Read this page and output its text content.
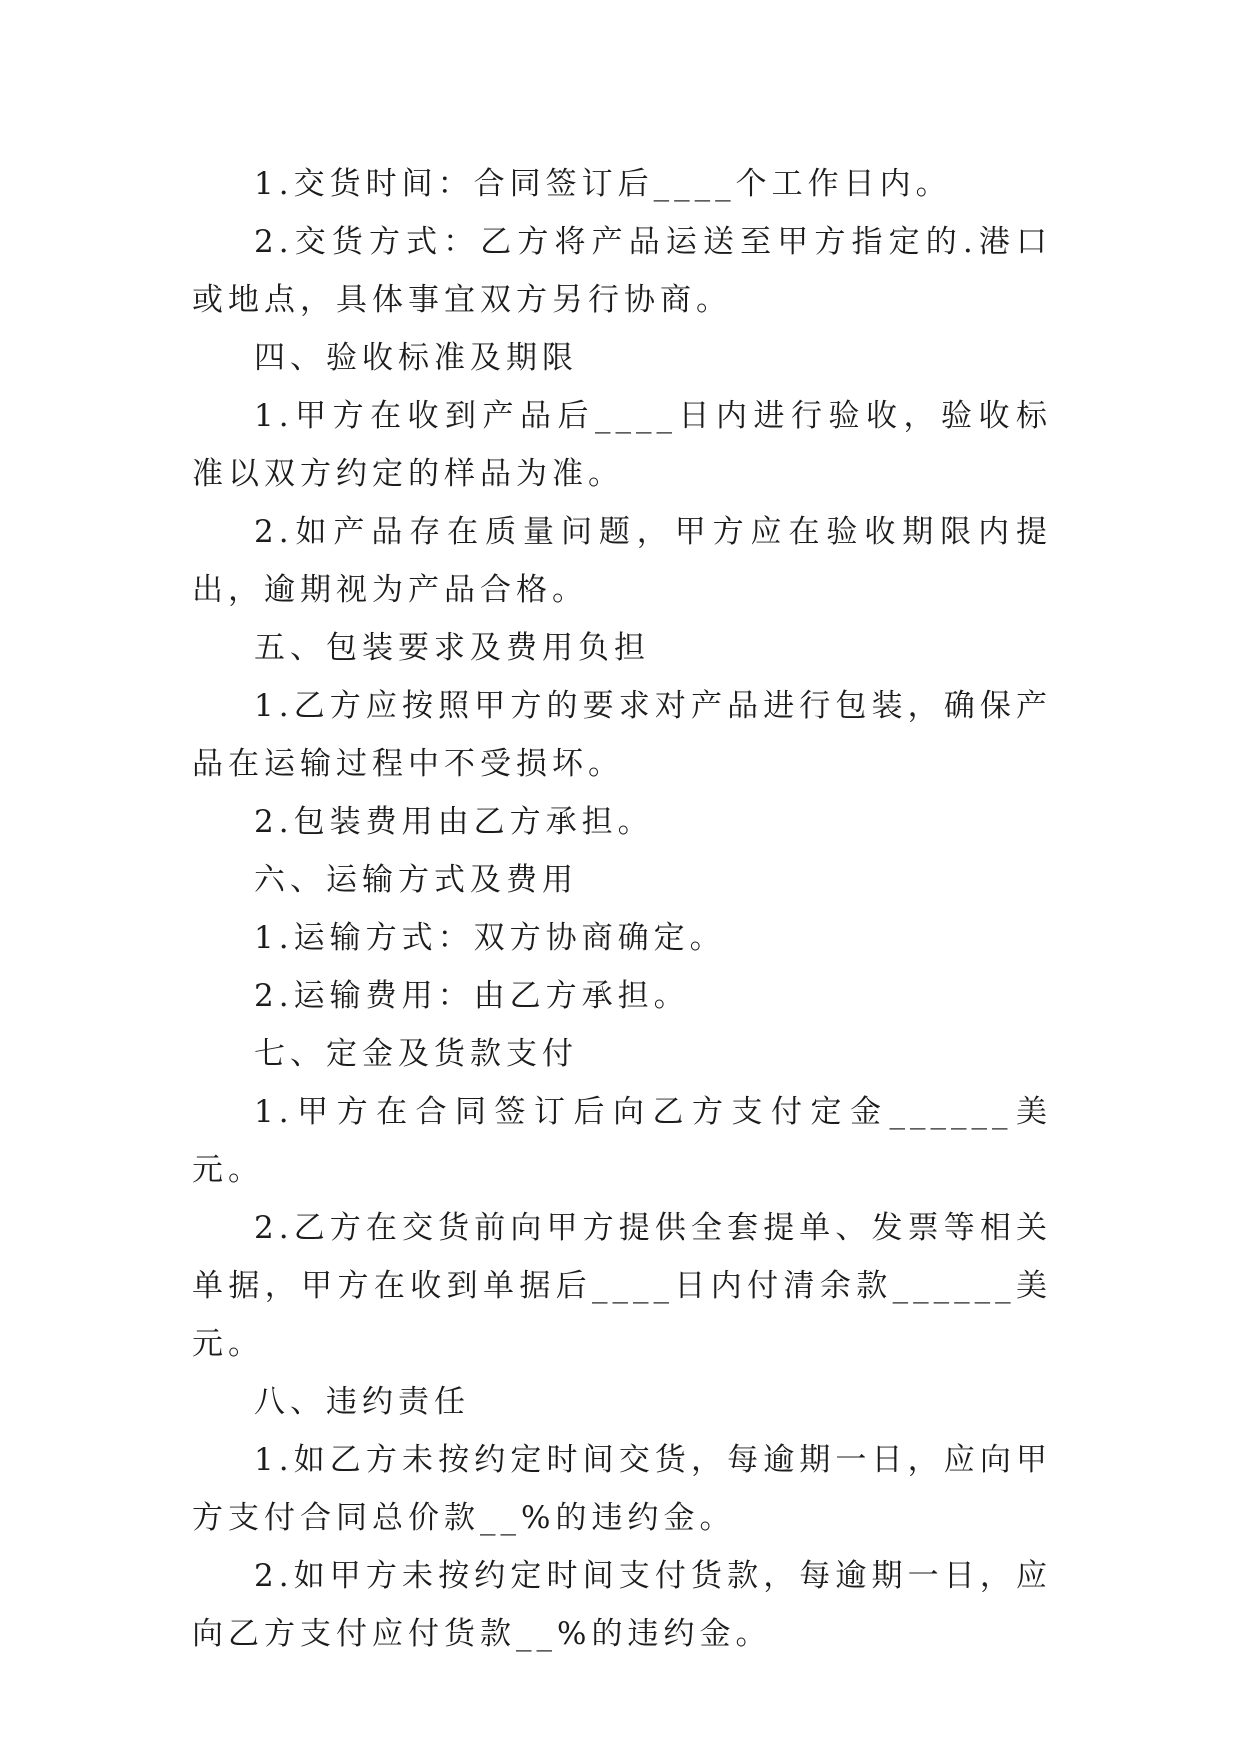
1.交货时间：合同签订后____个工作日内。

2.交货方式：乙方将产品运送至甲方指定的.港口或地点，具体事宜双方另行协商。

四、验收标准及期限

1.甲方在收到产品后____日内进行验收，验收标准以双方约定的样品为准。

2.如产品存在质量问题，甲方应在验收期限内提出，逾期视为产品合格。

五、包装要求及费用负担

1.乙方应按照甲方的要求对产品进行包装，确保产品在运输过程中不受损坏。

2.包装费用由乙方承担。

六、运输方式及费用

1.运输方式：双方协商确定。

2.运输费用：由乙方承担。

七、定金及货款支付

1.甲方在合同签订后向乙方支付定金______美元。

2.乙方在交货前向甲方提供全套提单、发票等相关单据，甲方在收到单据后____日内付清余款______美元。

八、违约责任

1.如乙方未按约定时间交货，每逾期一日，应向甲方支付合同总价款__%的违约金。

2.如甲方未按约定时间支付货款，每逾期一日，应向乙方支付应付货款__%的违约金。
